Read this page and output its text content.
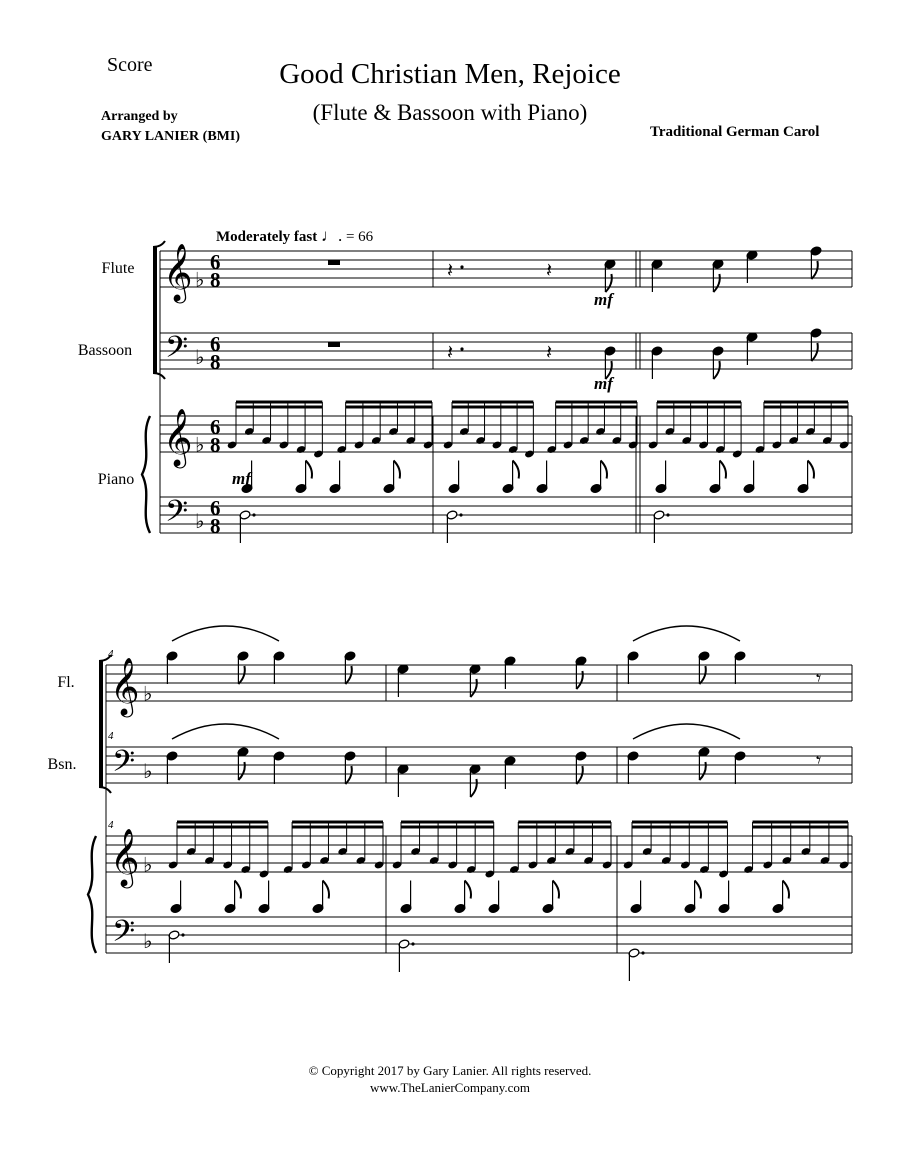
Score	Good Christian Men, Rejoice
(Flute & Bassoon with Piano)
Arranged by
GARY LANIER (BMI)	Traditional German Carol
Moderately fast ♩. = 66
𝄞
𝄢
𝄞
𝄢
𝄞
𝄢
𝄞
𝄢
♭
♭
♭
♭
♭
♭
♭
♭
6
8
6
8
6
8
6
8
𝄽	𝄽
𝄽	𝄽
𝄾
𝄾
Flute
Bassoon
Piano
4
4
4
Fl.
Bsn.
mf
mf
mf
© Copyright 2017 by Gary Lanier. All rights reserved.
www.TheLanierCompany.com
